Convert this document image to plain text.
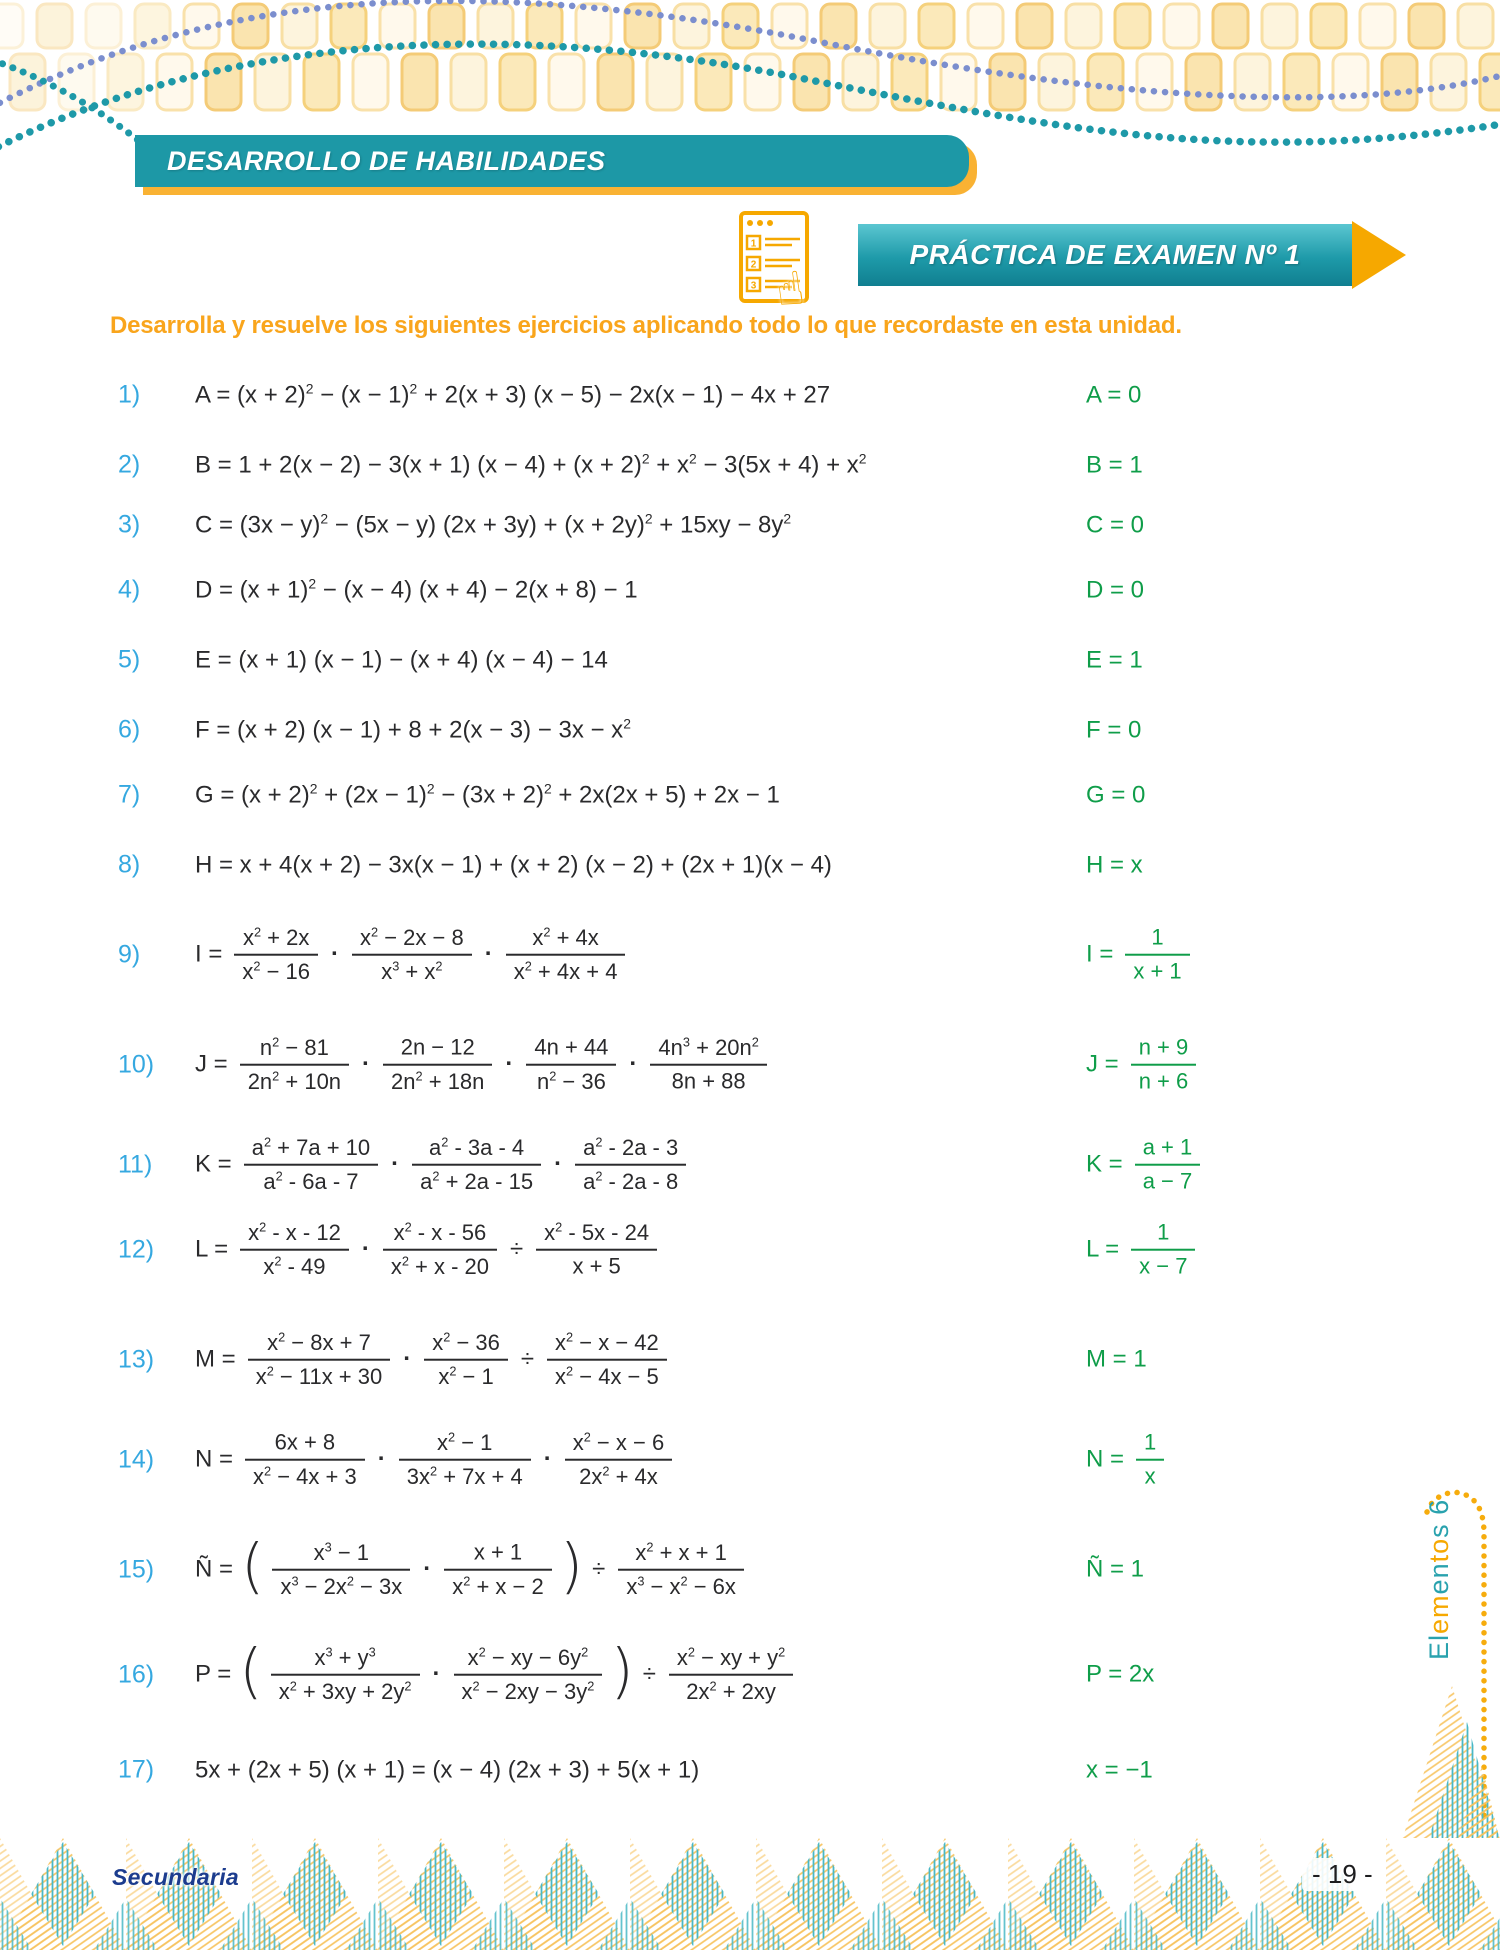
DESARROLLO DE HABILIDADES
1
2
3 ☝
PRÁCTICA DE EXAMEN Nº 1

Desarrolla y resuelve los siguientes ejercicios aplicando todo lo que recordaste en esta unidad.

1)	$A = (x + 2)^2 - (x - 1)^2 + 2(x + 3)$ (x − 5) − 2x(x − 1) − 4x + 27	A = 0
2)	B = 1 + 2(x − 2) − 3(x + 1) $(x - 4) + (x + 2)^2 + x^2 - 3(5x + 4) + x^2$	B = 1
3)	$C = (3x - y)^2 - (5x - y)$ $(2x + 3y) + (x + 2y)^2 + 15xy - 8y^2$	C = 0
4)	$D = (x + 1)^2 - (x - 4)$ (x + 4) − 2(x + 8) − 1	D = 0
5)	E = (x + 1) (x − 1) − (x + 4) (x − 4) − 14	E = 1
6)	F = (x + 2) $(x - 1) + 8 + 2(x - 3) - 3x - x^2$	F = 0
7)	$G = (x + 2)^2 + (2x - 1)^2 - (3x + 2)^2 + 2x(2x + 5) + 2x - 1$	G = 0
8)	H = x + 4(x + 2) − 3x(x − 1) + (x + 2) (x − 2) + (2x + 1)(x − 4)	H = x
9)	$I = \frac{x^2 + 2x}{x^2 - 16} \cdot \frac{x^2 - 2x - 8}{x^3 + x^2} \cdot \frac{x^2 + 4x}{x^2 + 4x + 4}$	$I = \frac{1}{x + 1}$
10)	$J = \frac{n^2 - 81}{2n^2 + 10n} \cdot \frac{2n - 12}{2n^2 + 18n} \cdot \frac{4n + 44}{n^2 - 36} \cdot \frac{4n^3 + 20n^2}{8n + 88}$	$J = \frac{n + 9}{n + 6}$
11)	$K = \frac{a^2 + 7a + 10}{a^2 - 6a - 7} \cdot \frac{a^2 - 3a - 4}{a^2 + 2a - 15} \cdot \frac{a^2 - 2a - 3}{a^2 - 2a - 8}$	$K = \frac{a + 1}{a - 7}$
12)	$L = \frac{x^2 - x - 12}{x^2 - 49} \cdot \frac{x^2 - x - 56}{x^2 + x - 20} \div \frac{x^2 - 5x - 24}{x + 5}$	$L = \frac{1}{x - 7}$
13)	$M = \frac{x^2 - 8x + 7}{x^2 - 11x + 30} \cdot \frac{x^2 - 36}{x^2 - 1} \div \frac{x^2 - x - 42}{x^2 - 4x - 5}$	M = 1
14)	$N = \frac{6x + 8}{x^2 - 4x + 3} \cdot \frac{x^2 - 1}{3x^2 + 7x + 4} \cdot \frac{x^2 - x - 6}{2x^2 + 4x}$	$N = \frac{1}{x}$
15)	Ñ = ( $\frac{x^3 - 1}{x^3 - 2x^2 - 3x} \cdot \frac{x + 1}{x^2 + x - 2}$ ) ÷ $\frac{x^2 + x + 1}{x^3 - x^2 - 6x}$	Ñ = 1
16)	P = ( $\frac{x^3 + y^3}{x^2 + 3xy + 2y^2} \cdot \frac{x^2 - xy - 6y^2}{x^2 - 2xy - 3y^2}$ ) ÷ $\frac{x^2 - xy + y^2}{2x^2 + 2xy}$	P = 2x
17)	5x + (2x + 5) (x + 1) = (x − 4) (2x + 3) + 5(x + 1)	x = −1
Elementos 6
Secundaria	- 19 -
